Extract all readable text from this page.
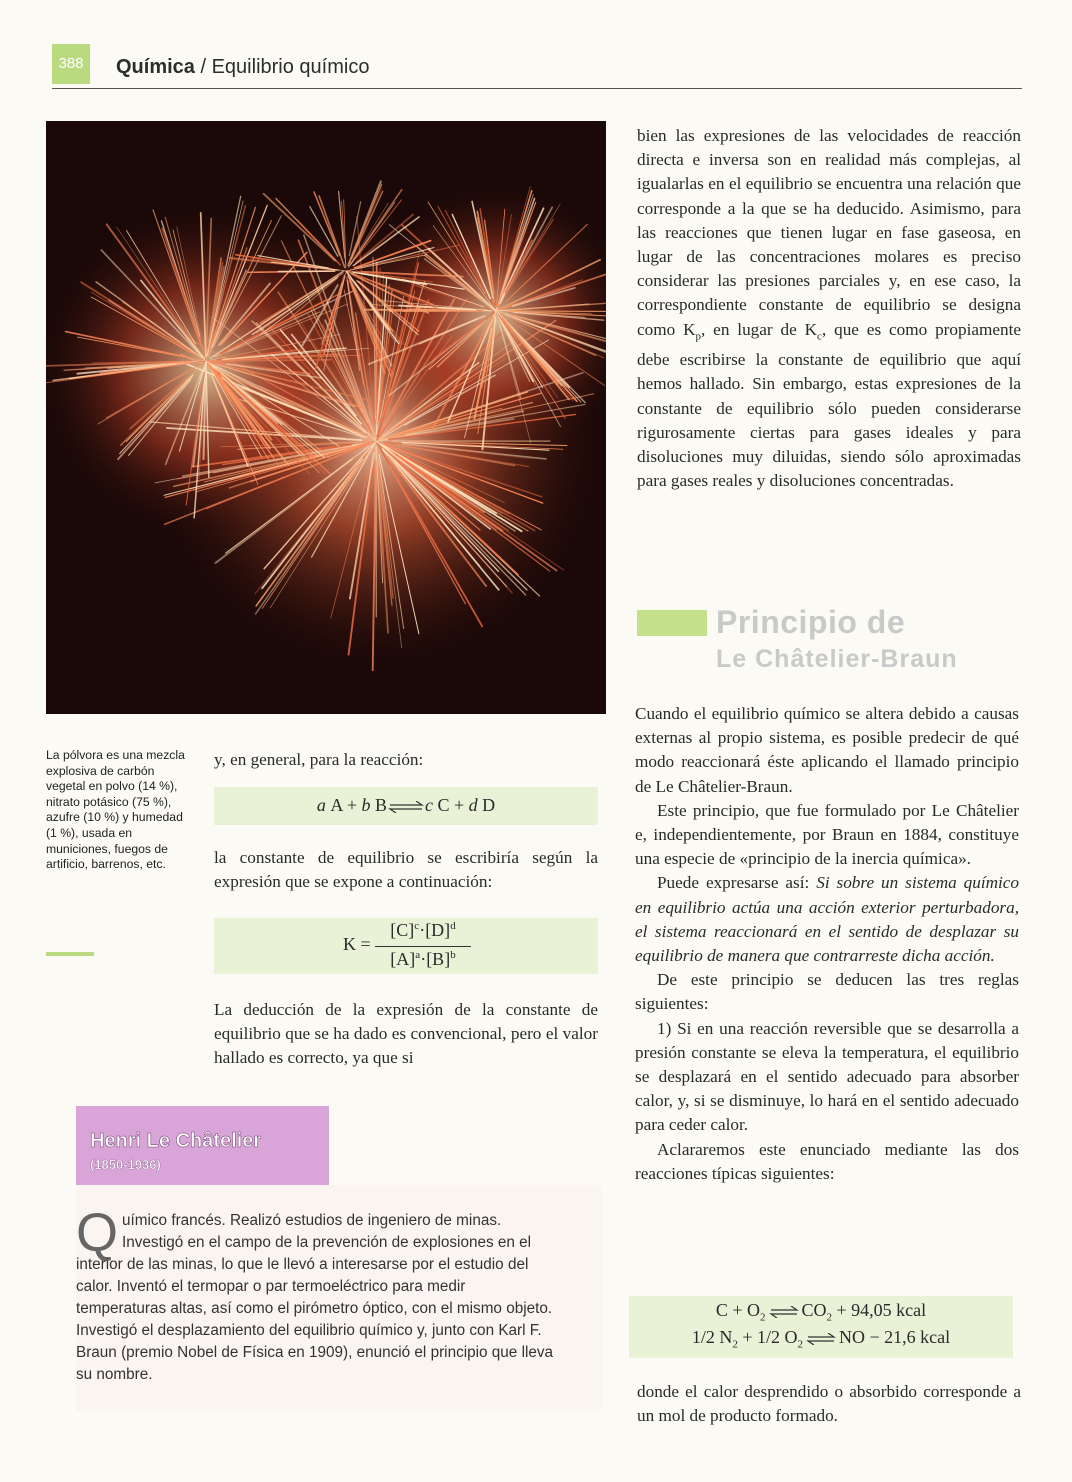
388	Química / Equilibrio químico
La pólvora es una mezcla explosiva de carbón vegetal en polvo (14 %), nitrato potásico (75 %), azufre (10 %) y humedad (1 %), usada en municiones, fuegos de artificio, barrenos, etc.
y, en general, para la reacción:
a A + b B⇌c C + d D
la constante de equilibrio se escribiría según la expresión que se expone a continuación:
K =
$[C]^c\cdot[D]^d$
$[A]^a\cdot[B]^b$
La deducción de la expresión de la constante de equilibrio que se ha dado es convencional, pero el valor hallado es correcto, ya que si
bien las expresiones de las velocidades de reacción directa e inversa son en realidad más complejas, al igualarlas en el equilibrio se encuentra una relación que corresponde a la que se ha deducido. Asimismo, para las reacciones que tienen lugar en fase gaseosa, en lugar de las concentraciones molares es preciso considerar las presiones parciales y, en ese caso, la correspondiente constante de equilibrio se designa como $K_p$, en lugar de $K_c$, que es como propiamente debe escribirse la constante de equilibrio que aquí hemos hallado. Sin embargo, estas expresiones de la constante de equilibrio sólo pueden considerarse rigurosamente ciertas para gases ideales y para disoluciones muy diluidas, siendo sólo aproximadas para gases reales y disoluciones concentradas.
Principio de
Le Châtelier-Braun

Cuando el equilibrio químico se altera debido a causas externas al propio sistema, es posible predecir de qué modo reaccionará éste aplicando el llamado principio de Le Châtelier-Braun.

Este principio, que fue formulado por Le Châtelier e, independientemente, por Braun en 1884, constituye una especie de «principio de la inercia química».

Puede expresarse así: Si sobre un sistema químico en equilibrio actúa una acción exterior perturbadora, el sistema reaccionará en el sentido de desplazar su equilibrio de manera que contrarreste dicha acción.

De este principio se deducen las tres reglas siguientes:

1) Si en una reacción reversible que se desarrolla a presión constante se eleva la temperatura, el equilibrio se desplazará en el sentido adecuado para absorber calor, y, si se disminuye, lo hará en el sentido adecuado para ceder calor.

Aclararemos este enunciado mediante las dos reacciones típicas siguientes:

$C + O_2$ ⇌ $CO_2 + 94,05$ kcal
1/2 $N_2 + 1/2$ $O_2$ ⇌ NO − 21,6 kcal
donde el calor desprendido o absorbido corresponde a un mol de producto formado.
Henri Le Châtelier
(1850-1936)
Químico francés. Realizó estudios de ingeniero de minas. Investigó en el campo de la prevención de explosiones en el interior de las minas, lo que le llevó a interesarse por el estudio del calor. Inventó el termopar o par termoeléctrico para medir temperaturas altas, así como el pirómetro óptico, con el mismo objeto. Investigó el desplazamiento del equilibrio químico y, junto con Karl F. Braun (premio Nobel de Física en 1909), enunció el principio que lleva su nombre.
